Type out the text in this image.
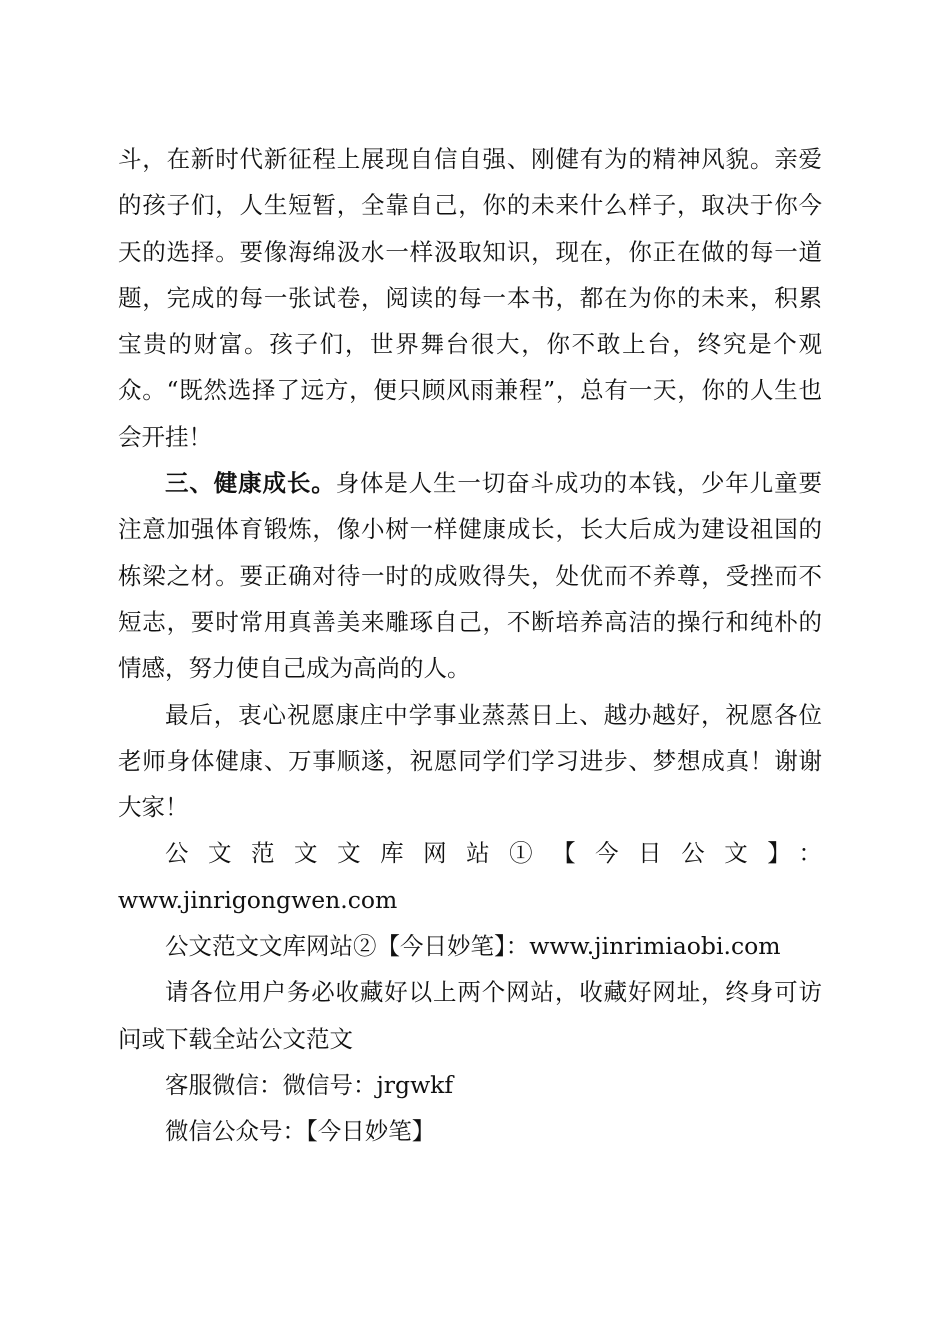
斗，在新时代新征程上展现自信自强、刚健有为的精神风貌。亲爱的孩子们，人生短暂，全靠自己，你的未来什么样子，取决于你今天的选择。要像海绵汲水一样汲取知识，现在，你正在做的每一道题，完成的每一张试卷，阅读的每一本书，都在为你的未来，积累宝贵的财富。孩子们，世界舞台很大，你不敢上台，终究是个观众。“既然选择了远方，便只顾风雨兼程”，总有一天，你的人生也会开挂！

三、健康成长。身体是人生一切奋斗成功的本钱，少年儿童要注意加强体育锻炼，像小树一样健康成长，长大后成为建设祖国的栋梁之材。要正确对待一时的成败得失，处优而不养尊，受挫而不短志，要时常用真善美来雕琢自己，不断培养高洁的操行和纯朴的情感，努力使自己成为高尚的人。

最后，衷心祝愿康庄中学事业蒸蒸日上、越办越好，祝愿各位老师身体健康、万事顺遂，祝愿同学们学习进步、梦想成真！谢谢大家！

公文范文文库网站①【今日公文】：

www.jinrigongwen.com

公文范文文库网站②【今日妙笔】：www.jinrimiaobi.com

请各位用户务必收藏好以上两个网站，收藏好网址，终身可访问或下载全站公文范文

客服微信：微信号：jrgwkf

微信公众号：【今日妙笔】
